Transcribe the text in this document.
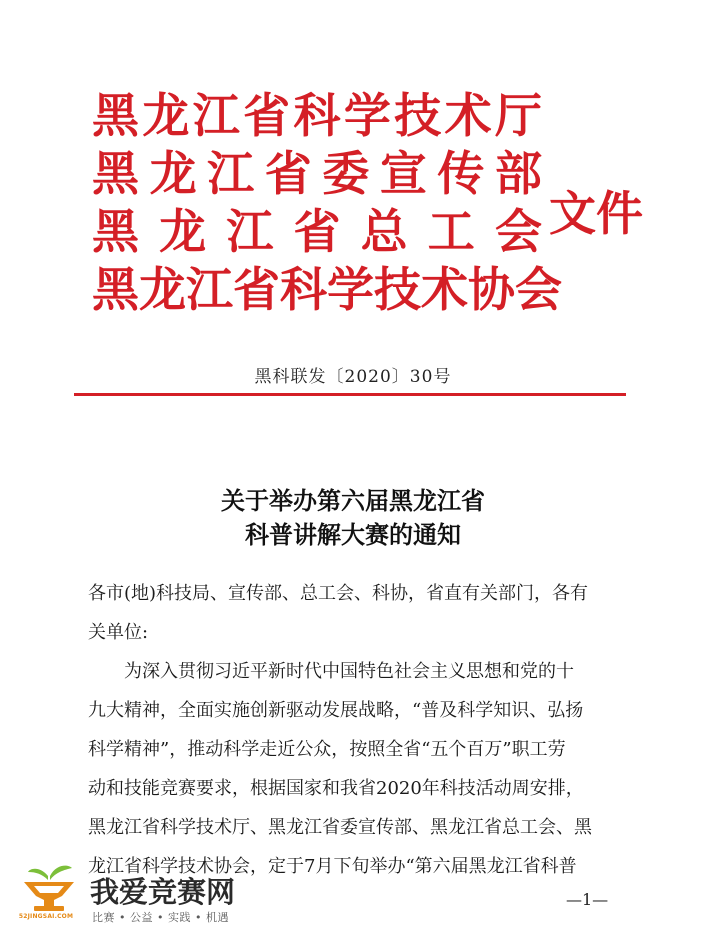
黑 龙 江 省 科 学 技 术 厅
黑 龙 江 省 委 宣 传 部
黑 龙 江 省 总 工 会
黑 龙 江 省 科 学 技 术 协 会
文件
黑科联发〔2020〕30号
关于举办第六届黑龙江省
科普讲解大赛的通知
各市(地)科技局、宣传部、总工会、科协，省直有关部门，各有
关单位:
为深入贯彻习近平新时代中国特色社会主义思想和党的十
九大精神，全面实施创新驱动发展战略，“普及科学知识、弘扬
科学精神”，推动科学走近公众，按照全省“五个百万”职工劳
动和技能竞赛要求，根据国家和我省2020年科技活动周安排，
黑龙江省科学技术厅、黑龙江省委宣传部、黑龙江省总工会、黑
龙江省科学技术协会，定于7月下旬举办“第六届黑龙江省科普
—1—
52JINGSAI.COM
我爱竞赛网
比赛 • 公益 • 实践 • 机遇
